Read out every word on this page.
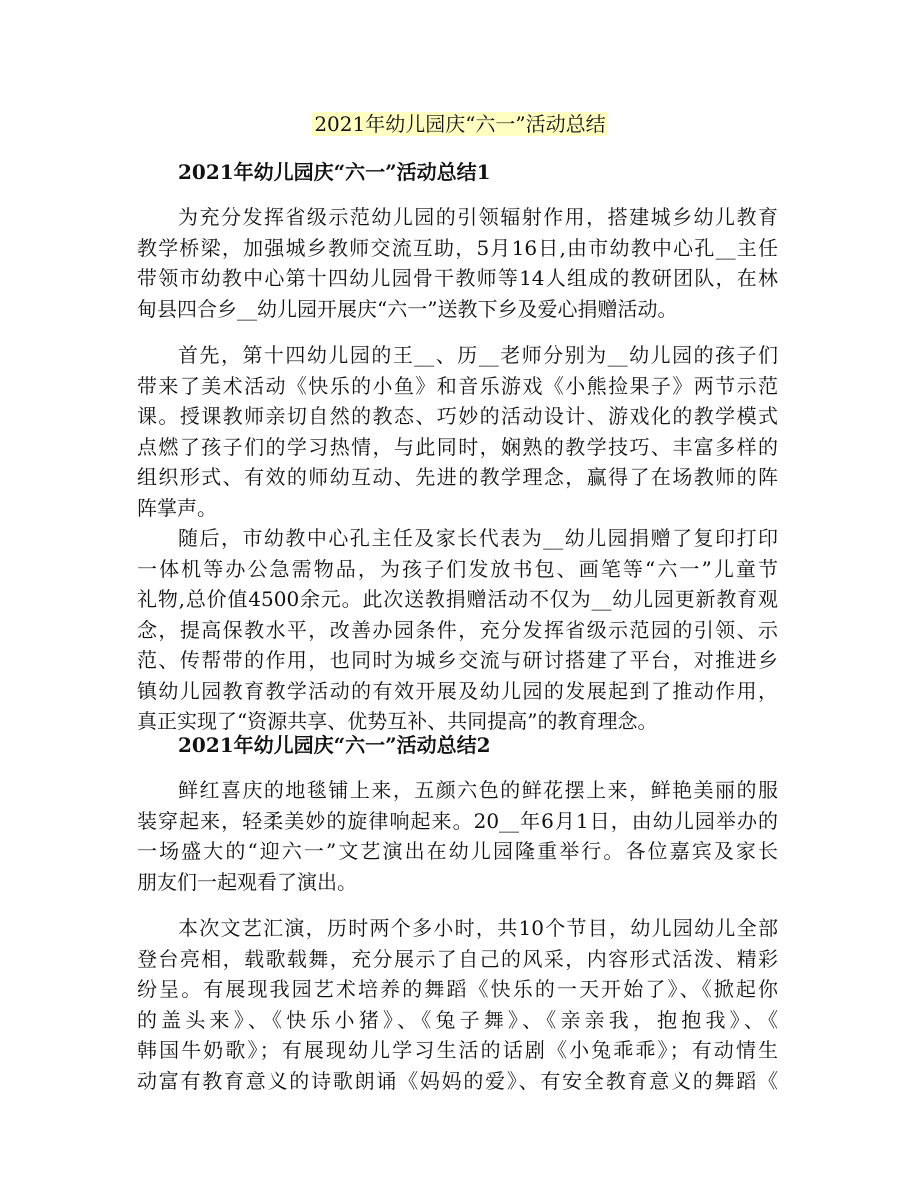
2021年幼儿园庆“六一”活动总结
2021年幼儿园庆“六一”活动总结1
为充分发挥省级示范幼儿园的引领辐射作用，搭建城乡幼儿教育
教学桥梁，加强城乡教师交流互助，5月16日,由市幼教中心孔__主任
带领市幼教中心第十四幼儿园骨干教师等14人组成的教研团队，在林
甸县四合乡__幼儿园开展庆“六一”送教下乡及爱心捐赠活动。
首先，第十四幼儿园的王__、历__老师分别为__幼儿园的孩子们
带来了美术活动《快乐的小鱼》和音乐游戏《小熊捡果子》两节示范
课。授课教师亲切自然的教态、巧妙的活动设计、游戏化的教学模式
点燃了孩子们的学习热情，与此同时，娴熟的教学技巧、丰富多样的
组织形式、有效的师幼互动、先进的教学理念，赢得了在场教师的阵
阵掌声。
随后，市幼教中心孔主任及家长代表为__幼儿园捐赠了复印打印
一体机等办公急需物品，为孩子们发放书包、画笔等“六一”儿童节
礼物,总价值4500余元。此次送教捐赠活动不仅为__幼儿园更新教育观
念，提高保教水平，改善办园条件，充分发挥省级示范园的引领、示
范、传帮带的作用，也同时为城乡交流与研讨搭建了平台，对推进乡
镇幼儿园教育教学活动的有效开展及幼儿园的发展起到了推动作用，
真正实现了“资源共享、优势互补、共同提高”的教育理念。
2021年幼儿园庆“六一”活动总结2
鲜红喜庆的地毯铺上来，五颜六色的鲜花摆上来，鲜艳美丽的服
装穿起来，轻柔美妙的旋律响起来。20__年6月1日，由幼儿园举办的
一场盛大的“迎六一”文艺演出在幼儿园隆重举行。各位嘉宾及家长
朋友们一起观看了演出。
本次文艺汇演，历时两个多小时，共10个节目，幼儿园幼儿全部
登台亮相，载歌载舞，充分展示了自己的风采，内容形式活泼、精彩
纷呈。有展现我园艺术培养的舞蹈《快乐的一天开始了》、《掀起你
的盖头来》、《快乐小猪》、《兔子舞》、《亲亲我，抱抱我》、《
韩国牛奶歌》；有展现幼儿学习生活的话剧《小兔乖乖》；有动情生
动富有教育意义的诗歌朗诵《妈妈的爱》、有安全教育意义的舞蹈《
